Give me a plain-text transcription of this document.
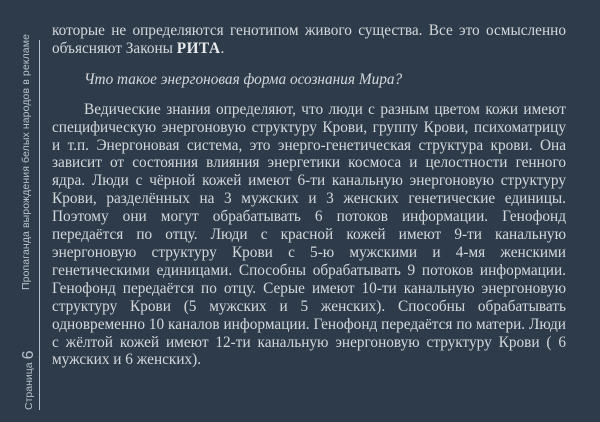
Пропаганда вырождения белых народов в рекламе
Страница6

которые не определяются генотипом живого существа. Все это осмысленно объясняют Законы РИТА.

Что такое энергоновая форма осознания Мира?

Ведические знания определяют, что люди с разным цветом кожи имеют специфическую энергоновую структуру Крови, группу Крови, психоматрицу и т.п. Энергоновая система, это энерго-генетическая структура крови. Она зависит от состояния влияния энергетики космоса и целостности генного ядра. Люди с чёрной кожей имеют 6-ти канальную энергоновую структуру Крови, разделённых на 3 мужских и 3 женских генетические единицы. Поэтому они могут обрабатывать 6 потоков информации. Генофонд передаётся по отцу. Люди с красной кожей имеют 9-ти канальную энергоновую структуру Крови с 5-ю мужскими и 4-мя женскими генетическими единицами. Способны обрабатывать 9 потоков информации. Генофонд передаётся по отцу. Серые имеют 10-ти канальную энергоновую структуру Крови (5 мужских и 5 женских). Способны обрабатывать одновременно 10 каналов информации. Генофонд передаётся по матери. Люди с жёлтой кожей имеют 12-ти канальную энергоновую структуру Крови ( 6 мужских и 6 женских).
